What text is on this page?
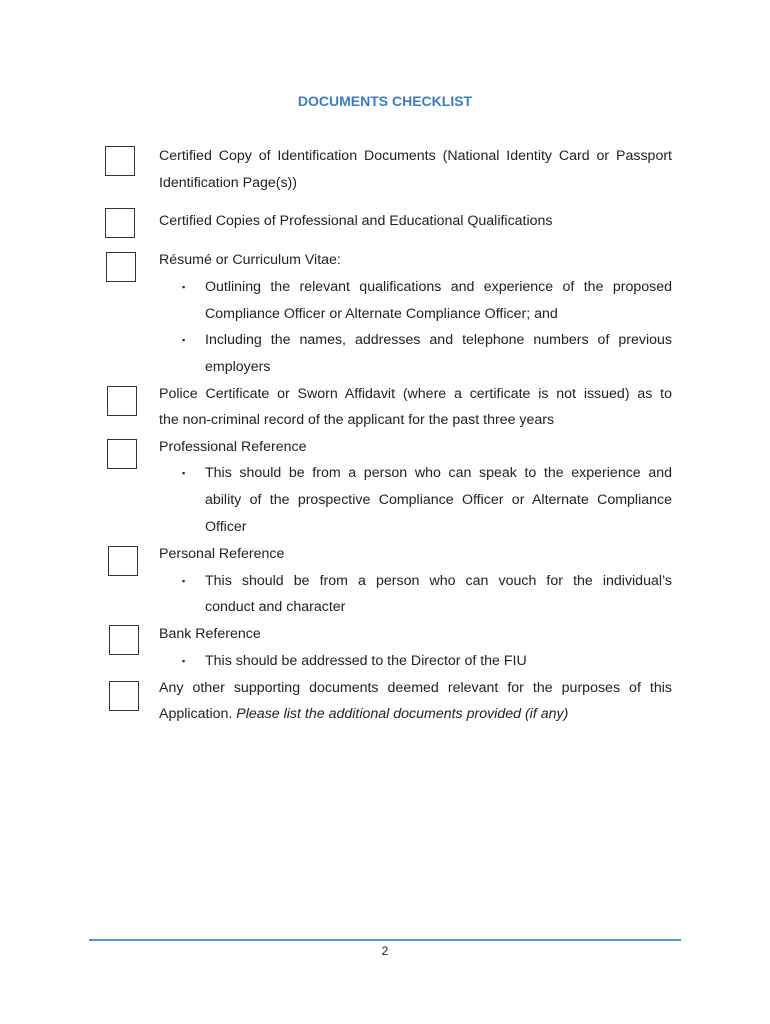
DOCUMENTS CHECKLIST
Certified Copy of Identification Documents (National Identity Card or Passport
Identification Page(s))
Certified Copies of Professional and Educational Qualifications
Résumé or Curriculum Vitae:
▪ Outlining the relevant qualifications and experience of the proposed
Compliance Officer or Alternate Compliance Officer; and
▪ Including the names, addresses and telephone numbers of previous
employers
Police Certificate or Sworn Affidavit (where a certificate is not issued) as to
the non-criminal record of the applicant for the past three years
Professional Reference
▪ This should be from a person who can speak to the experience and
ability of the prospective Compliance Officer or Alternate Compliance
Officer
Personal Reference
▪ This should be from a person who can vouch for the individual’s
conduct and character
Bank Reference
▪ This should be addressed to the Director of the FIU
Any other supporting documents deemed relevant for the purposes of this
Application. Please list the additional documents provided (if any)
2
